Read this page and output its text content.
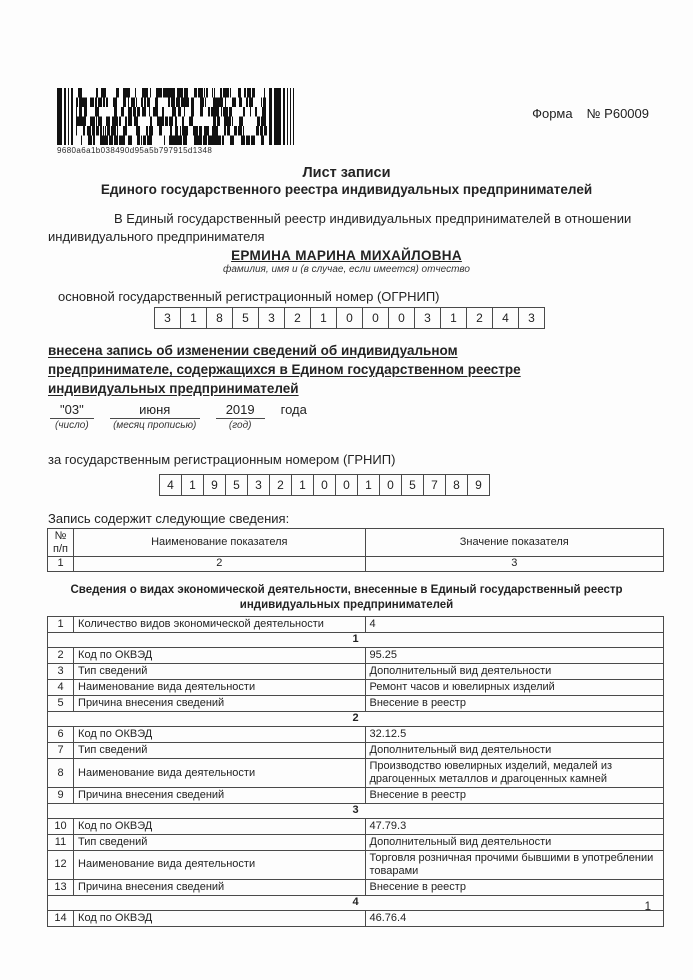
9680a6a1b038490d95a5b797915d1348
Форма № Р60009
Лист записи
Единого государственного реестра индивидуальных предпринимателей

В Единый государственный реестр индивидуальных предпринимателей в отношении индивидуального предпринимателя

ЕРМИНА МАРИНА МИХАЙЛОВНА
фамилия, имя и (в случае, если имеется) отчество
основной государственный регистрационный номер (ОГРНИП)
3	1	8	5	3	2	1	0	0	0	3	1	2	4	3

внесена запись об изменении сведений об индивидуальном
предпринимателе, содержащихся в Едином государственном реестре
индивидуальных предпринимателей

"03"
(число)
июня
(месяц прописью)
2019
(год)
года
за государственным регистрационным номером (ГРНИП)
4	1	9	5	3	2	1	0	0	1	0	5	7	8	9
Запись содержит следующие сведения:
№
п/п	Наименование показателя	Значение показателя
1	2	3
Сведения о видах экономической деятельности, внесенные в Единый государственный реестр индивидуальных предпринимателей
1	Количество видов экономической деятельности	4
1		
2	Код по ОКВЭД	95.25
3	Тип сведений	Дополнительный вид деятельности
4	Наименование вида деятельности	Ремонт часов и ювелирных изделий
5	Причина внесения сведений	Внесение в реестр
2		
6	Код по ОКВЭД	32.12.5
7	Тип сведений	Дополнительный вид деятельности
8	Наименование вида деятельности	Производство ювелирных изделий, медалей из драгоценных металлов и драгоценных камней
9	Причина внесения сведений	Внесение в реестр
3		
10	Код по ОКВЭД	47.79.3
11	Тип сведений	Дополнительный вид деятельности
12	Наименование вида деятельности	Торговля розничная прочими бывшими в употреблении товарами
13	Причина внесения сведений	Внесение в реестр
4		
14	Код по ОКВЭД	46.76.4
1
